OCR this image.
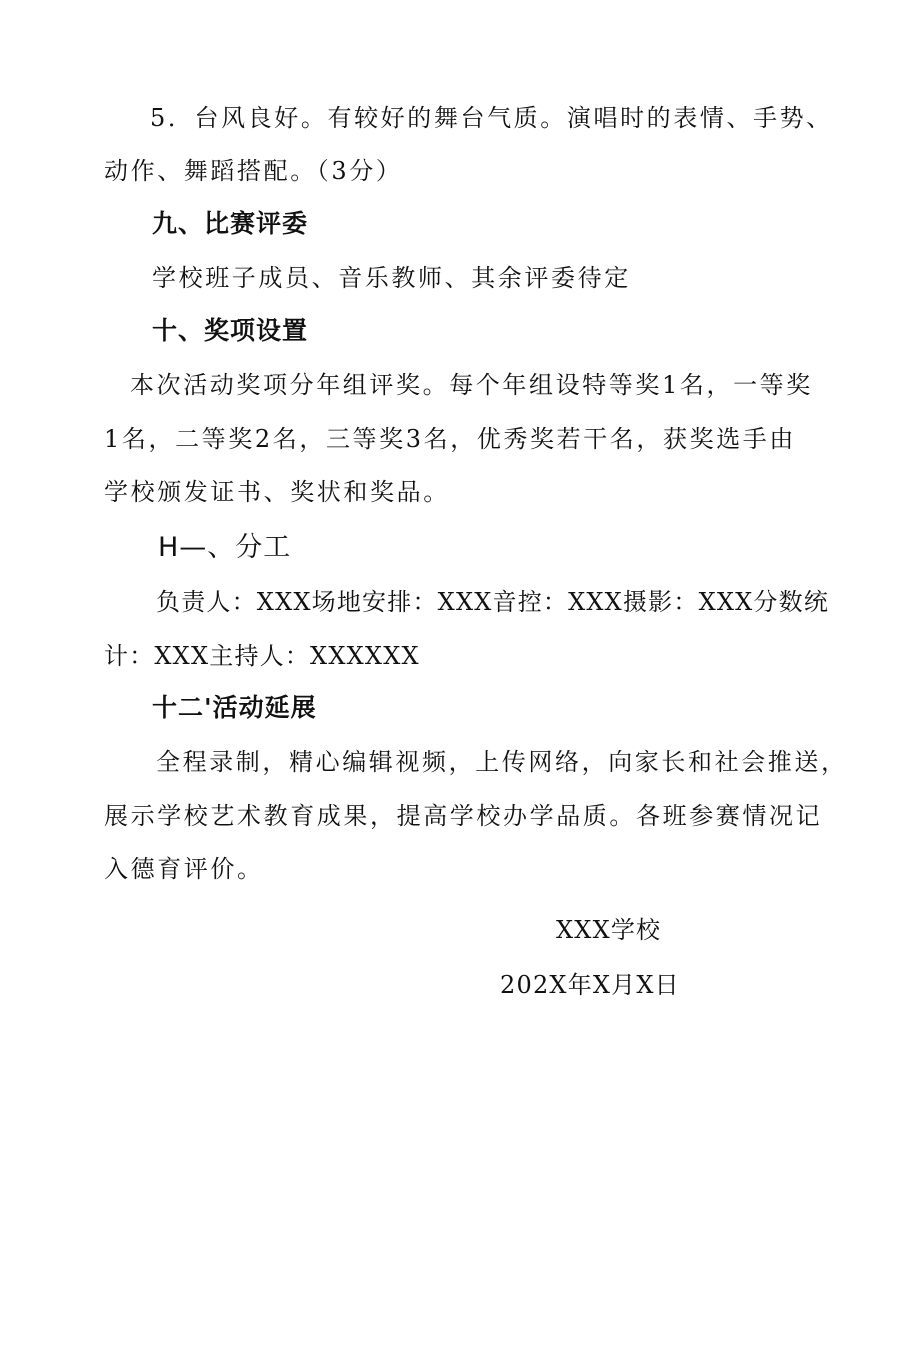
5．台风良好。有较好的舞台气质。演唱时的表情、手势、
动作、舞蹈搭配。（3分）
九、比赛评委
学校班子成员、音乐教师、其余评委待定
十、奖项设置
本次活动奖项分年组评奖。每个年组设特等奖1名，一等奖
1名，二等奖2名，三等奖3名，优秀奖若干名，获奖选手由
学校颁发证书、奖状和奖品。
H—、分工
负责人：XXX场地安排：XXX音控：XXX摄影：XXX分数统
计：XXX主持人：XXXXXX
十二'活动延展
全程录制，精心编辑视频，上传网络，向家长和社会推送，
展示学校艺术教育成果，提高学校办学品质。各班参赛情况记
入德育评价。
XXX学校
202X年X月X日
